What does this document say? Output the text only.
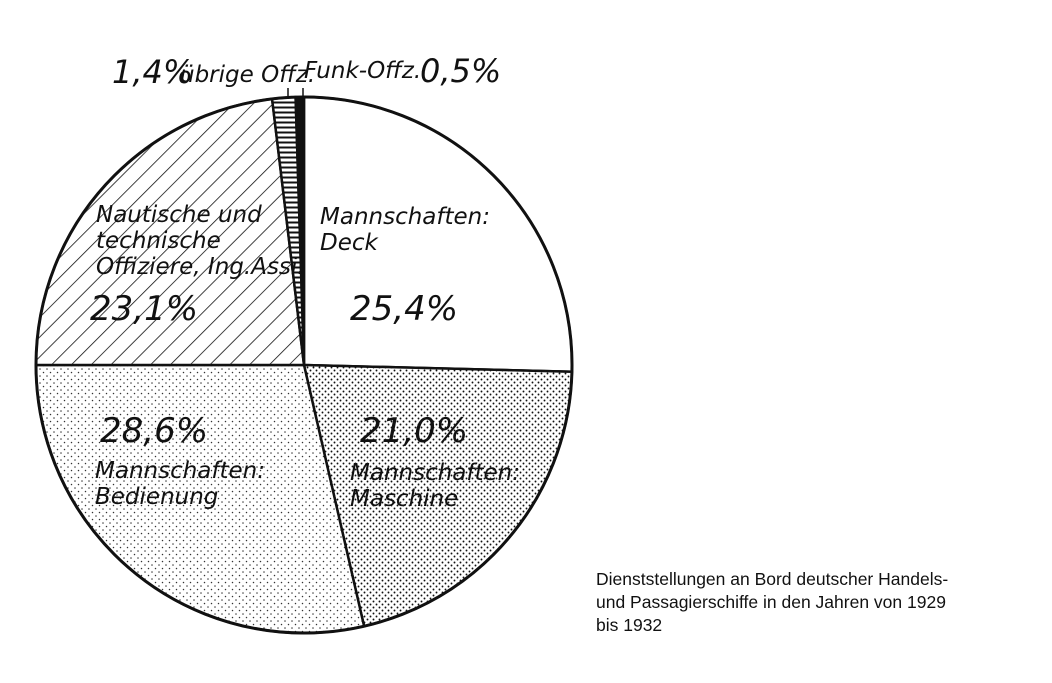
Mannschaften:
Deck
25,4%
Mannschaften:
Maschine
21,0%
Mannschaften:
Bedienung
28,6%
Nautische und
technische
Offiziere, Ing.Assi.
23,1%
1,4%
übrige Offz.
Funk-Offz.
0,5%
Dienststellungen an Bord deutscher Handels-
und Passagierschiffe in den Jahren von 1929
bis 1932
